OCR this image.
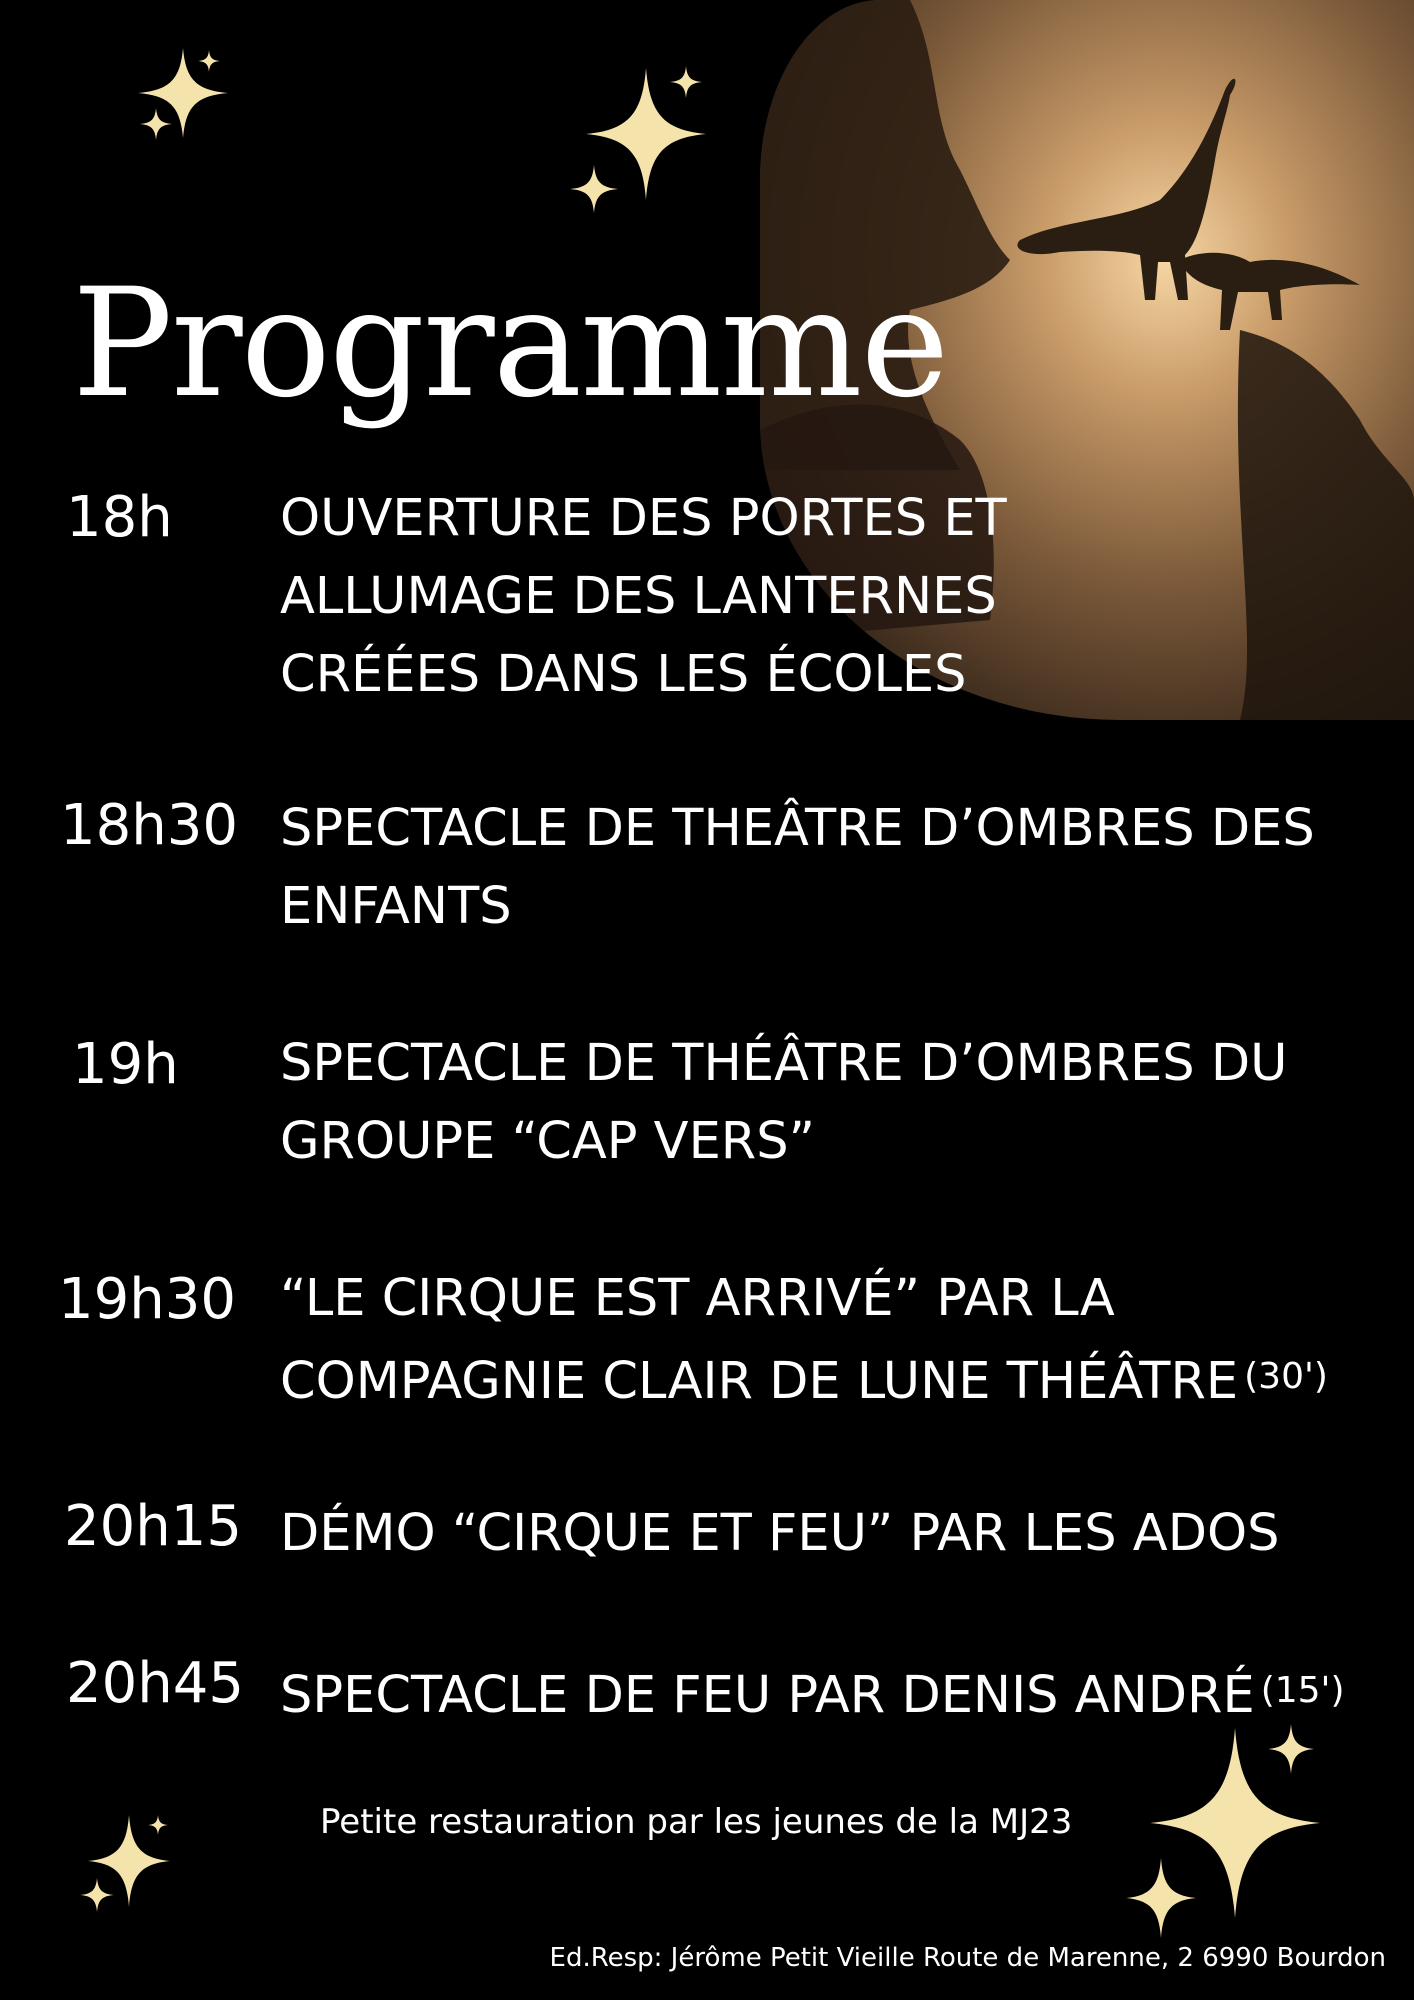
Programme
18h OUVERTURE DES PORTES ET
ALLUMAGE DES LANTERNES
CRÉÉES DANS LES ÉCOLES
18h30 SPECTACLE DE THEÂTRE D’OMBRES DES
ENFANTS
19h SPECTACLE DE THÉÂTRE D’OMBRES DU
GROUPE “CAP VERS”
19h30 “LE CIRQUE EST ARRIVÉ” PAR LA
COMPAGNIE CLAIR DE LUNE THÉÂTRE (30')
20h15 DÉMO “CIRQUE ET FEU” PAR LES ADOS
20h45 SPECTACLE DE FEU PAR DENIS ANDRÉ (15')
Petite restauration par les jeunes de la MJ23
Ed.Resp: Jérôme Petit Vieille Route de Marenne, 2 6990 Bourdon
